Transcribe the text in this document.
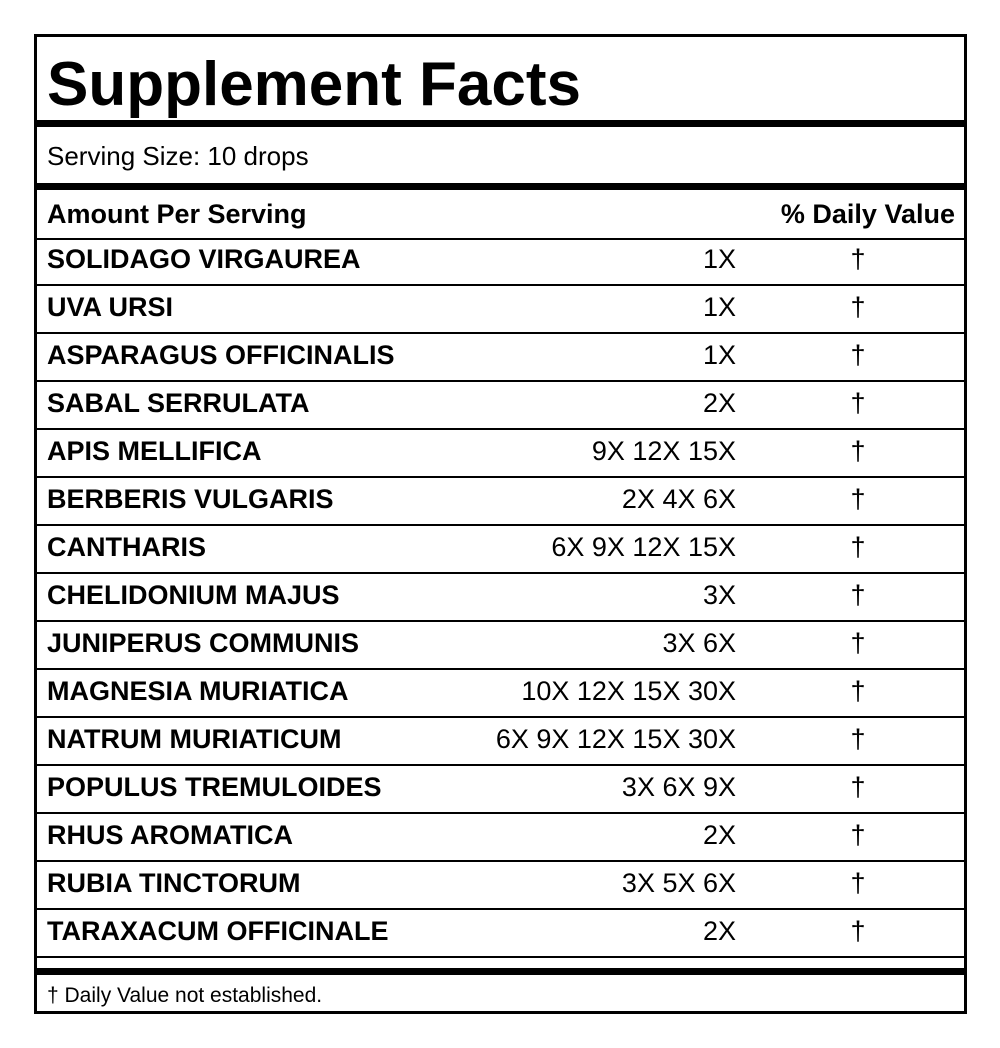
Supplement Facts
Serving Size: 10 drops
Amount Per Serving	% Daily Value
SOLIDAGO VIRGAUREA	1X	†
UVA URSI	1X	†
ASPARAGUS OFFICINALIS	1X	†
SABAL SERRULATA	2X	†
APIS MELLIFICA	9X 12X 15X	†
BERBERIS VULGARIS	2X 4X 6X	†
CANTHARIS	6X 9X 12X 15X	†
CHELIDONIUM MAJUS	3X	†
JUNIPERUS COMMUNIS	3X 6X	†
MAGNESIA MURIATICA	10X 12X 15X 30X	†
NATRUM MURIATICUM	6X 9X 12X 15X 30X	†
POPULUS TREMULOIDES	3X 6X 9X	†
RHUS AROMATICA	2X	†
RUBIA TINCTORUM	3X 5X 6X	†
TARAXACUM OFFICINALE	2X	†
† Daily Value not established.
